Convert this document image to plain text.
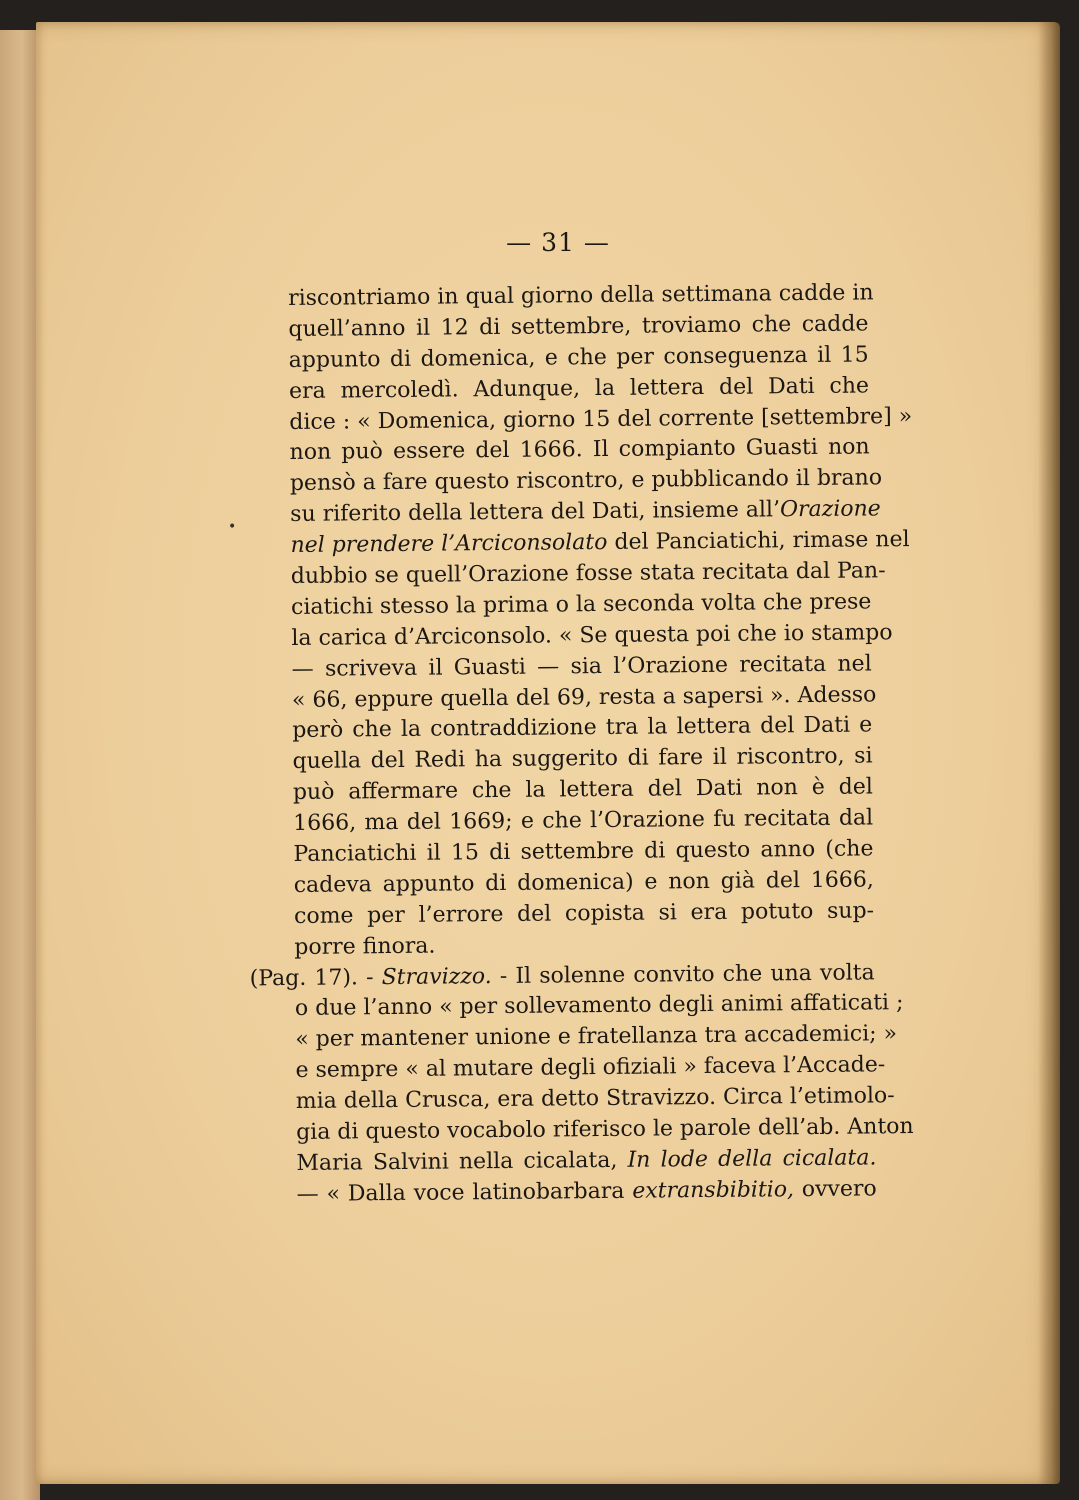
•
— 31 —
riscontriamo in qual giorno della settimana cadde in
quell’anno il 12 di settembre, troviamo che cadde
appunto di domenica, e che per conseguenza il 15
era mercoledì. Adunque, la lettera del Dati che
dice : « Domenica, giorno 15 del corrente [settembre] »
non può essere del 1666. Il compianto Guasti non
pensò a fare questo riscontro, e pubblicando il brano
su riferito della lettera del Dati, insieme all’Orazione
nel prendere l’Arciconsolato del Panciatichi, rimase nel
dubbio se quell’Orazione fosse stata recitata dal Pan-
ciatichi stesso la prima o la seconda volta che prese
la carica d’Arciconsolo. « Se questa poi che io stampo
— scriveva il Guasti — sia l’Orazione recitata nel
« 66, eppure quella del 69, resta a sapersi ». Adesso
però che la contraddizione tra la lettera del Dati e
quella del Redi ha suggerito di fare il riscontro, si
può affermare che la lettera del Dati non è del
1666, ma del 1669; e che l’Orazione fu recitata dal
Panciatichi il 15 di settembre di questo anno (che
cadeva appunto di domenica) e non già del 1666,
come per l’errore del copista si era potuto sup-
porre finora.
(Pag. 17). - Stravizzo. - Il solenne convito che una volta
o due l’anno « per sollevamento degli animi affaticati ;
« per mantener unione e fratellanza tra accademici; »
e sempre « al mutare degli ofiziali » faceva l’Accade-
mia della Crusca, era detto Stravizzo. Circa l’etimolo-
gia di questo vocabolo riferisco le parole dell’ab. Anton
Maria Salvini nella cicalata, In lode della cicalata.
— « Dalla voce latinobarbara extransbibitio, ovvero
